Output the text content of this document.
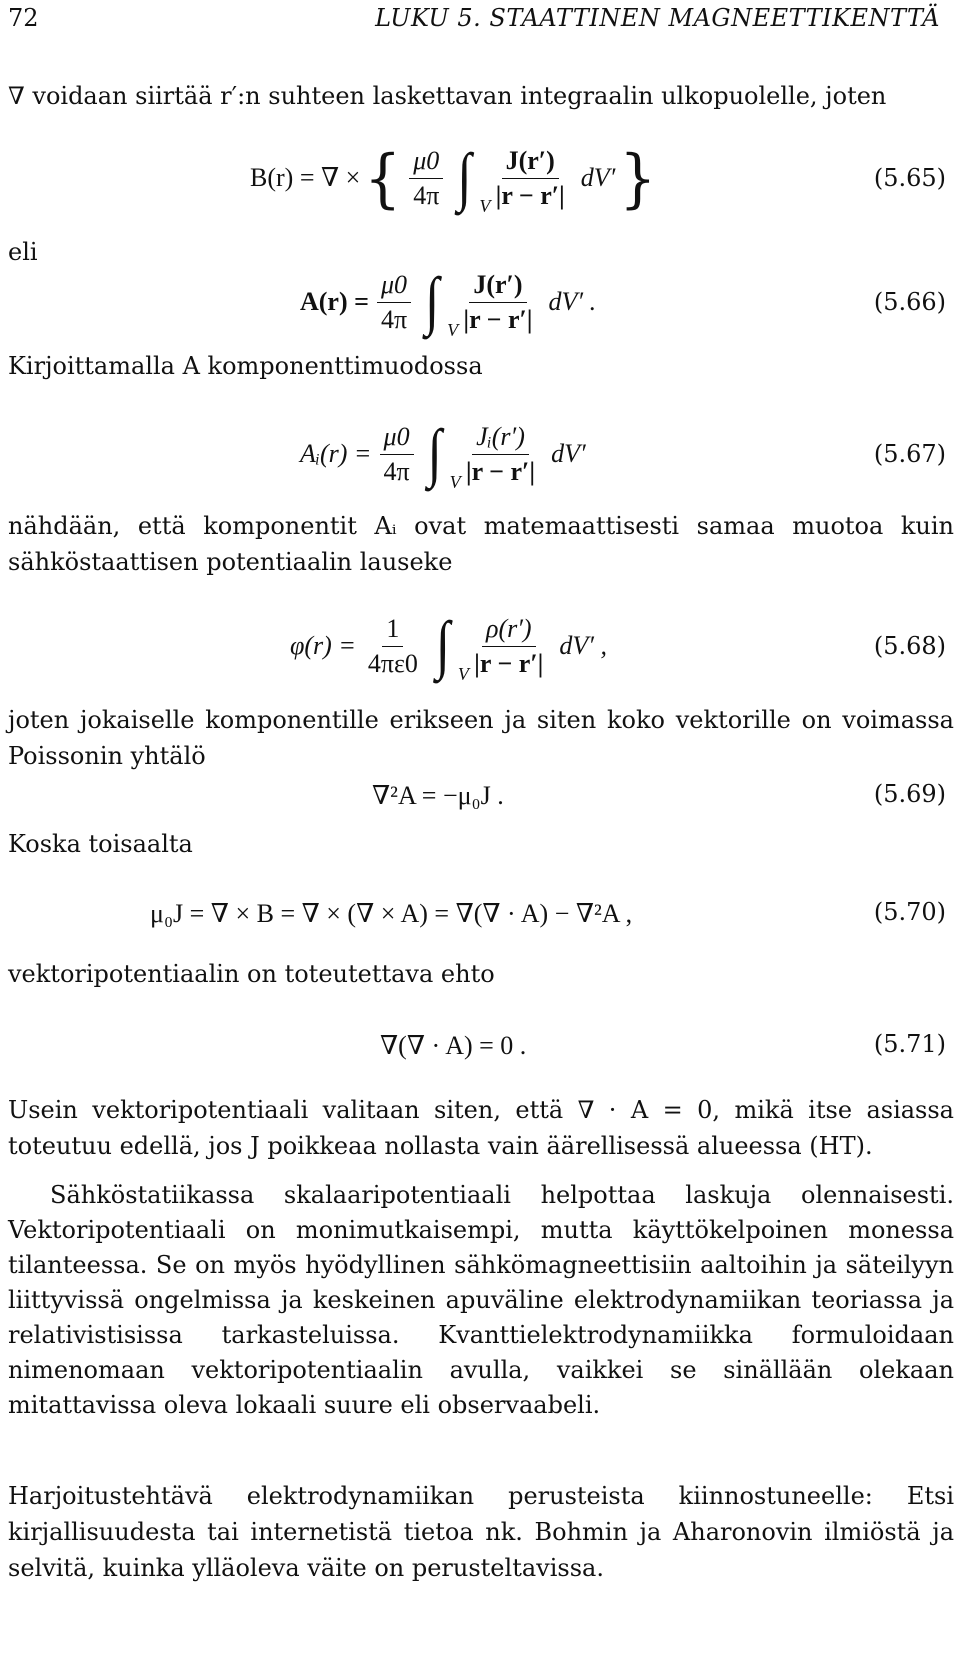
72	LUKU 5. STAATTINEN MAGNEETTIKENTTÄ
∇ voidaan siirtää r′:n suhteen laskettavan integraalin ulkopuolelle, joten
B(r) = ∇ × { $\frac{\mu 0}{4\pi}$ ∫ V $\frac{J(r')}{|r - r'|} dV'$ }	(5.65)
eli
$A(r) = \frac{\mu 0}{4\pi}$ ∫ V $\frac{J(r')}{|r - r'|} dV'$ .	(5.66)
Kirjoittamalla A komponenttimuodossa
Aᵢ(r) = $\frac{\mu 0}{4\pi}$ ∫ V $\frac{\text{Jᵢ(r′)}}{|r - r'|} dV'$	(5.67)
nähdään, että komponentit Aᵢ ovat matemaattisesti samaa muotoa kuin sähköstaattisen potentiaalin lauseke
$\varphi(r) = \frac{1}{4\pi\varepsilon 0}$ ∫ V $\frac{\rho(r')}{|r - r'|} dV'$ ,	(5.68)
joten jokaiselle komponentille erikseen ja siten koko vektorille on voimassa Poissonin yhtälö
∇²A = −μ₀J .	(5.69)
Koska toisaalta
μ₀J = ∇ × B = ∇ × (∇ × A) = ∇(∇ · A) − ∇²A ,	(5.70)
vektoripotentiaalin on toteutettava ehto
∇(∇ · A) = 0 .	(5.71)
Usein vektoripotentiaali valitaan siten, että ∇ · A = 0, mikä itse asiassa toteutuu edellä, jos J poikkeaa nollasta vain äärellisessä alueessa (HT).
Sähköstatiikassa skalaaripotentiaali helpottaa laskuja olennaisesti. Vektoripotentiaali on monimutkaisempi, mutta käyttökelpoinen monessa tilanteessa. Se on myös hyödyllinen sähkömagneettisiin aaltoihin ja säteilyyn liittyvissä ongelmissa ja keskeinen apuväline elektrodynamiikan teoriassa ja relativistisissa tarkasteluissa. Kvanttielektrodynamiikka formuloidaan nimenomaan vektoripotentiaalin avulla, vaikkei se sinällään olekaan mitattavissa oleva lokaali suure eli observaabeli.
Harjoitustehtävä elektrodynamiikan perusteista kiinnostuneelle: Etsi kirjallisuudesta tai internetistä tietoa nk. Bohmin ja Aharonovin ilmiöstä ja selvitä, kuinka ylläoleva väite on perusteltavissa.
